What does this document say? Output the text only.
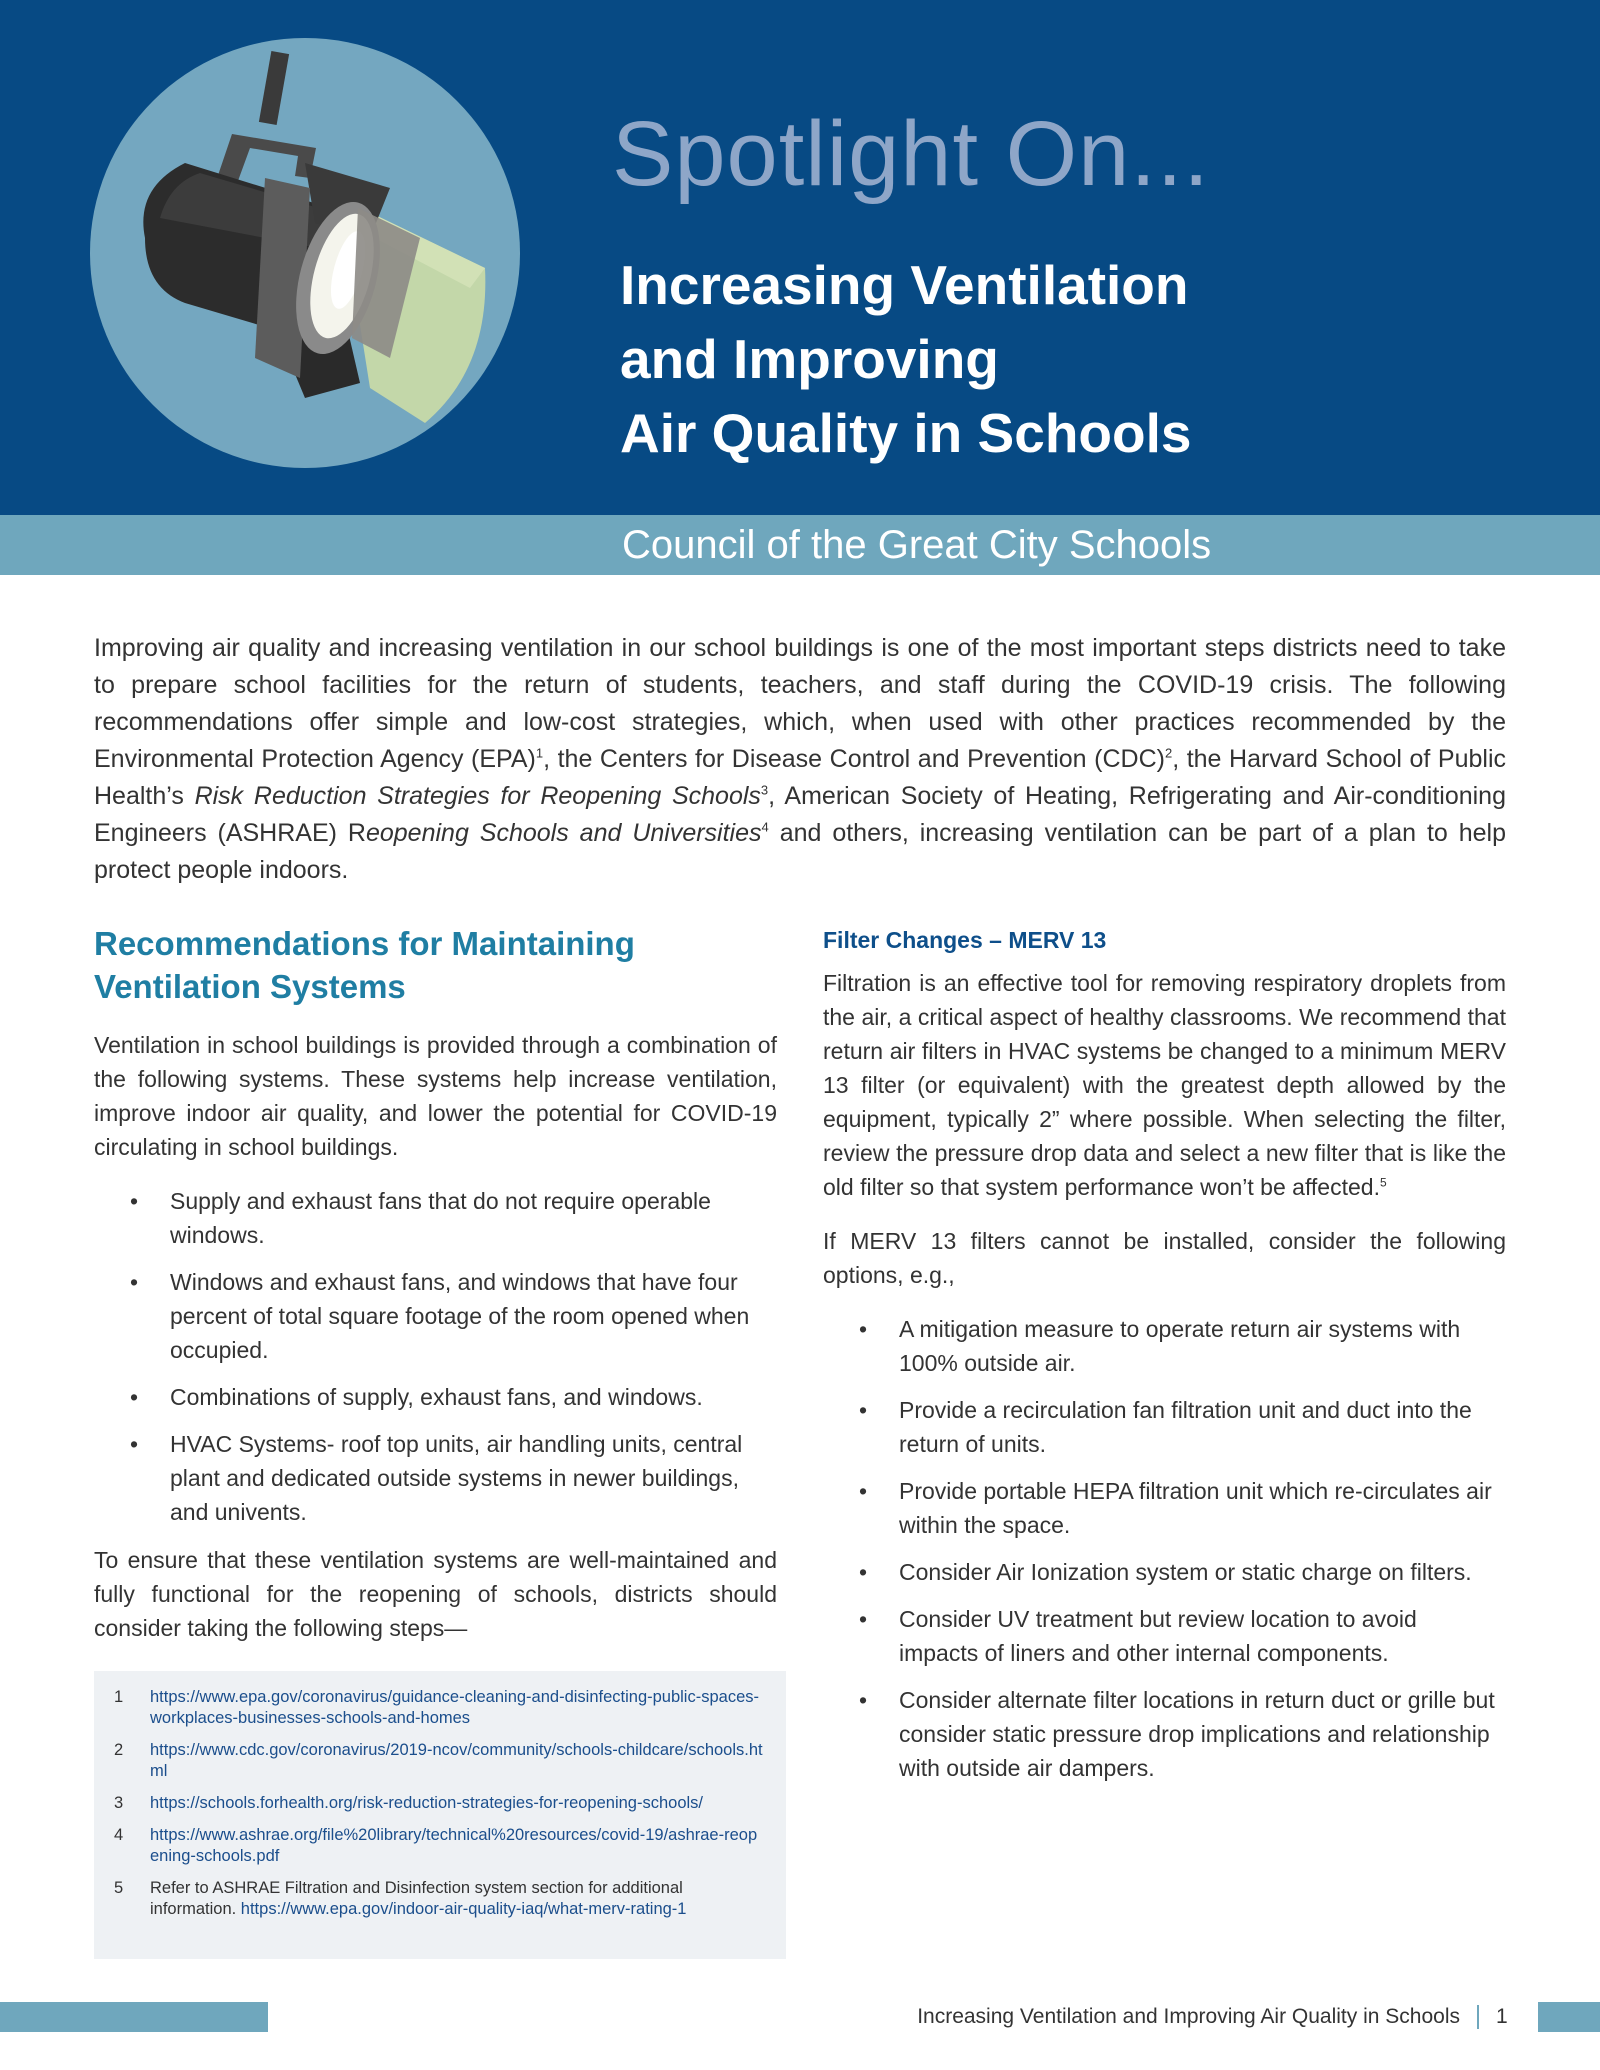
Spotlight On...
Increasing Ventilation
and Improving
Air Quality in Schools
Council of the Great City Schools

Improving air quality and increasing ventilation in our school buildings is one of the most important steps districts need to take to prepare school facilities for the return of students, teachers, and staff during the COVID-19 crisis. The following recommendations offer simple and low-cost strategies, which, when used with other practices recommended by the Environmental Protection Agency (EPA)$^1$, the Centers for Disease Control and Prevention (CDC)$^2$, the Harvard School of Public Health’s Risk Reduction Strategies for Reopening Schools$^3$, American Society of Heating, Refrigerating and Air-conditioning Engineers (ASHRAE) Reopening Schools and Universities$^4$ and others, increasing ventilation can be part of a plan to help protect people indoors.

Recommendations for Maintaining Ventilation Systems

Ventilation in school buildings is provided through a combination of the following systems. These systems help increase ventilation, improve indoor air quality, and lower the potential for COVID-19 circulating in school buildings.

• Supply and exhaust fans that do not require operable windows.
• Windows and exhaust fans, and windows that have four percent of total square footage of the room opened when occupied.
• Combinations of supply, exhaust fans, and windows.
• HVAC Systems- roof top units, air handling units, central plant and dedicated outside systems in newer buildings, and univents.

To ensure that these ventilation systems are well-maintained and fully functional for the reopening of schools, districts should consider taking the following steps—

Filter Changes – MERV 13

Filtration is an effective tool for removing respiratory droplets from the air, a critical aspect of healthy classrooms. We recommend that return air filters in HVAC systems be changed to a minimum MERV 13 filter (or equivalent) with the greatest depth allowed by the equipment, typically 2” where possible. When selecting the filter, review the pressure drop data and select a new filter that is like the old filter so that system performance won’t be affected.$^5$

If MERV 13 filters cannot be installed, consider the following options, e.g.,

• A mitigation measure to operate return air systems with 100% outside air.
• Provide a recirculation fan filtration unit and duct into the return of units.
• Provide portable HEPA filtration unit which re-circulates air within the space.
• Consider Air Ionization system or static charge on filters.
• Consider UV treatment but review location to avoid impacts of liners and other internal components.
• Consider alternate filter locations in return duct or grille but consider static pressure drop implications and relationship with outside air dampers.
1	https://www.epa.gov/coronavirus/guidance-cleaning-and-disinfecting-public-spaces-workplaces-businesses-schools-and-homes
2	https://www.cdc.gov/coronavirus/2019-ncov/community/schools-childcare/schools.html
3	https://schools.forhealth.org/risk-reduction-strategies-for-reopening-schools/
4	https://www.ashrae.org/file%20library/technical%20resources/covid-19/ashrae-reopening-schools.pdf
5	Refer to ASHRAE Filtration and Disinfection system section for additional information. https://www.epa.gov/indoor-air-quality-iaq/what-merv-rating-1
Increasing Ventilation and Improving Air Quality in Schools 1
